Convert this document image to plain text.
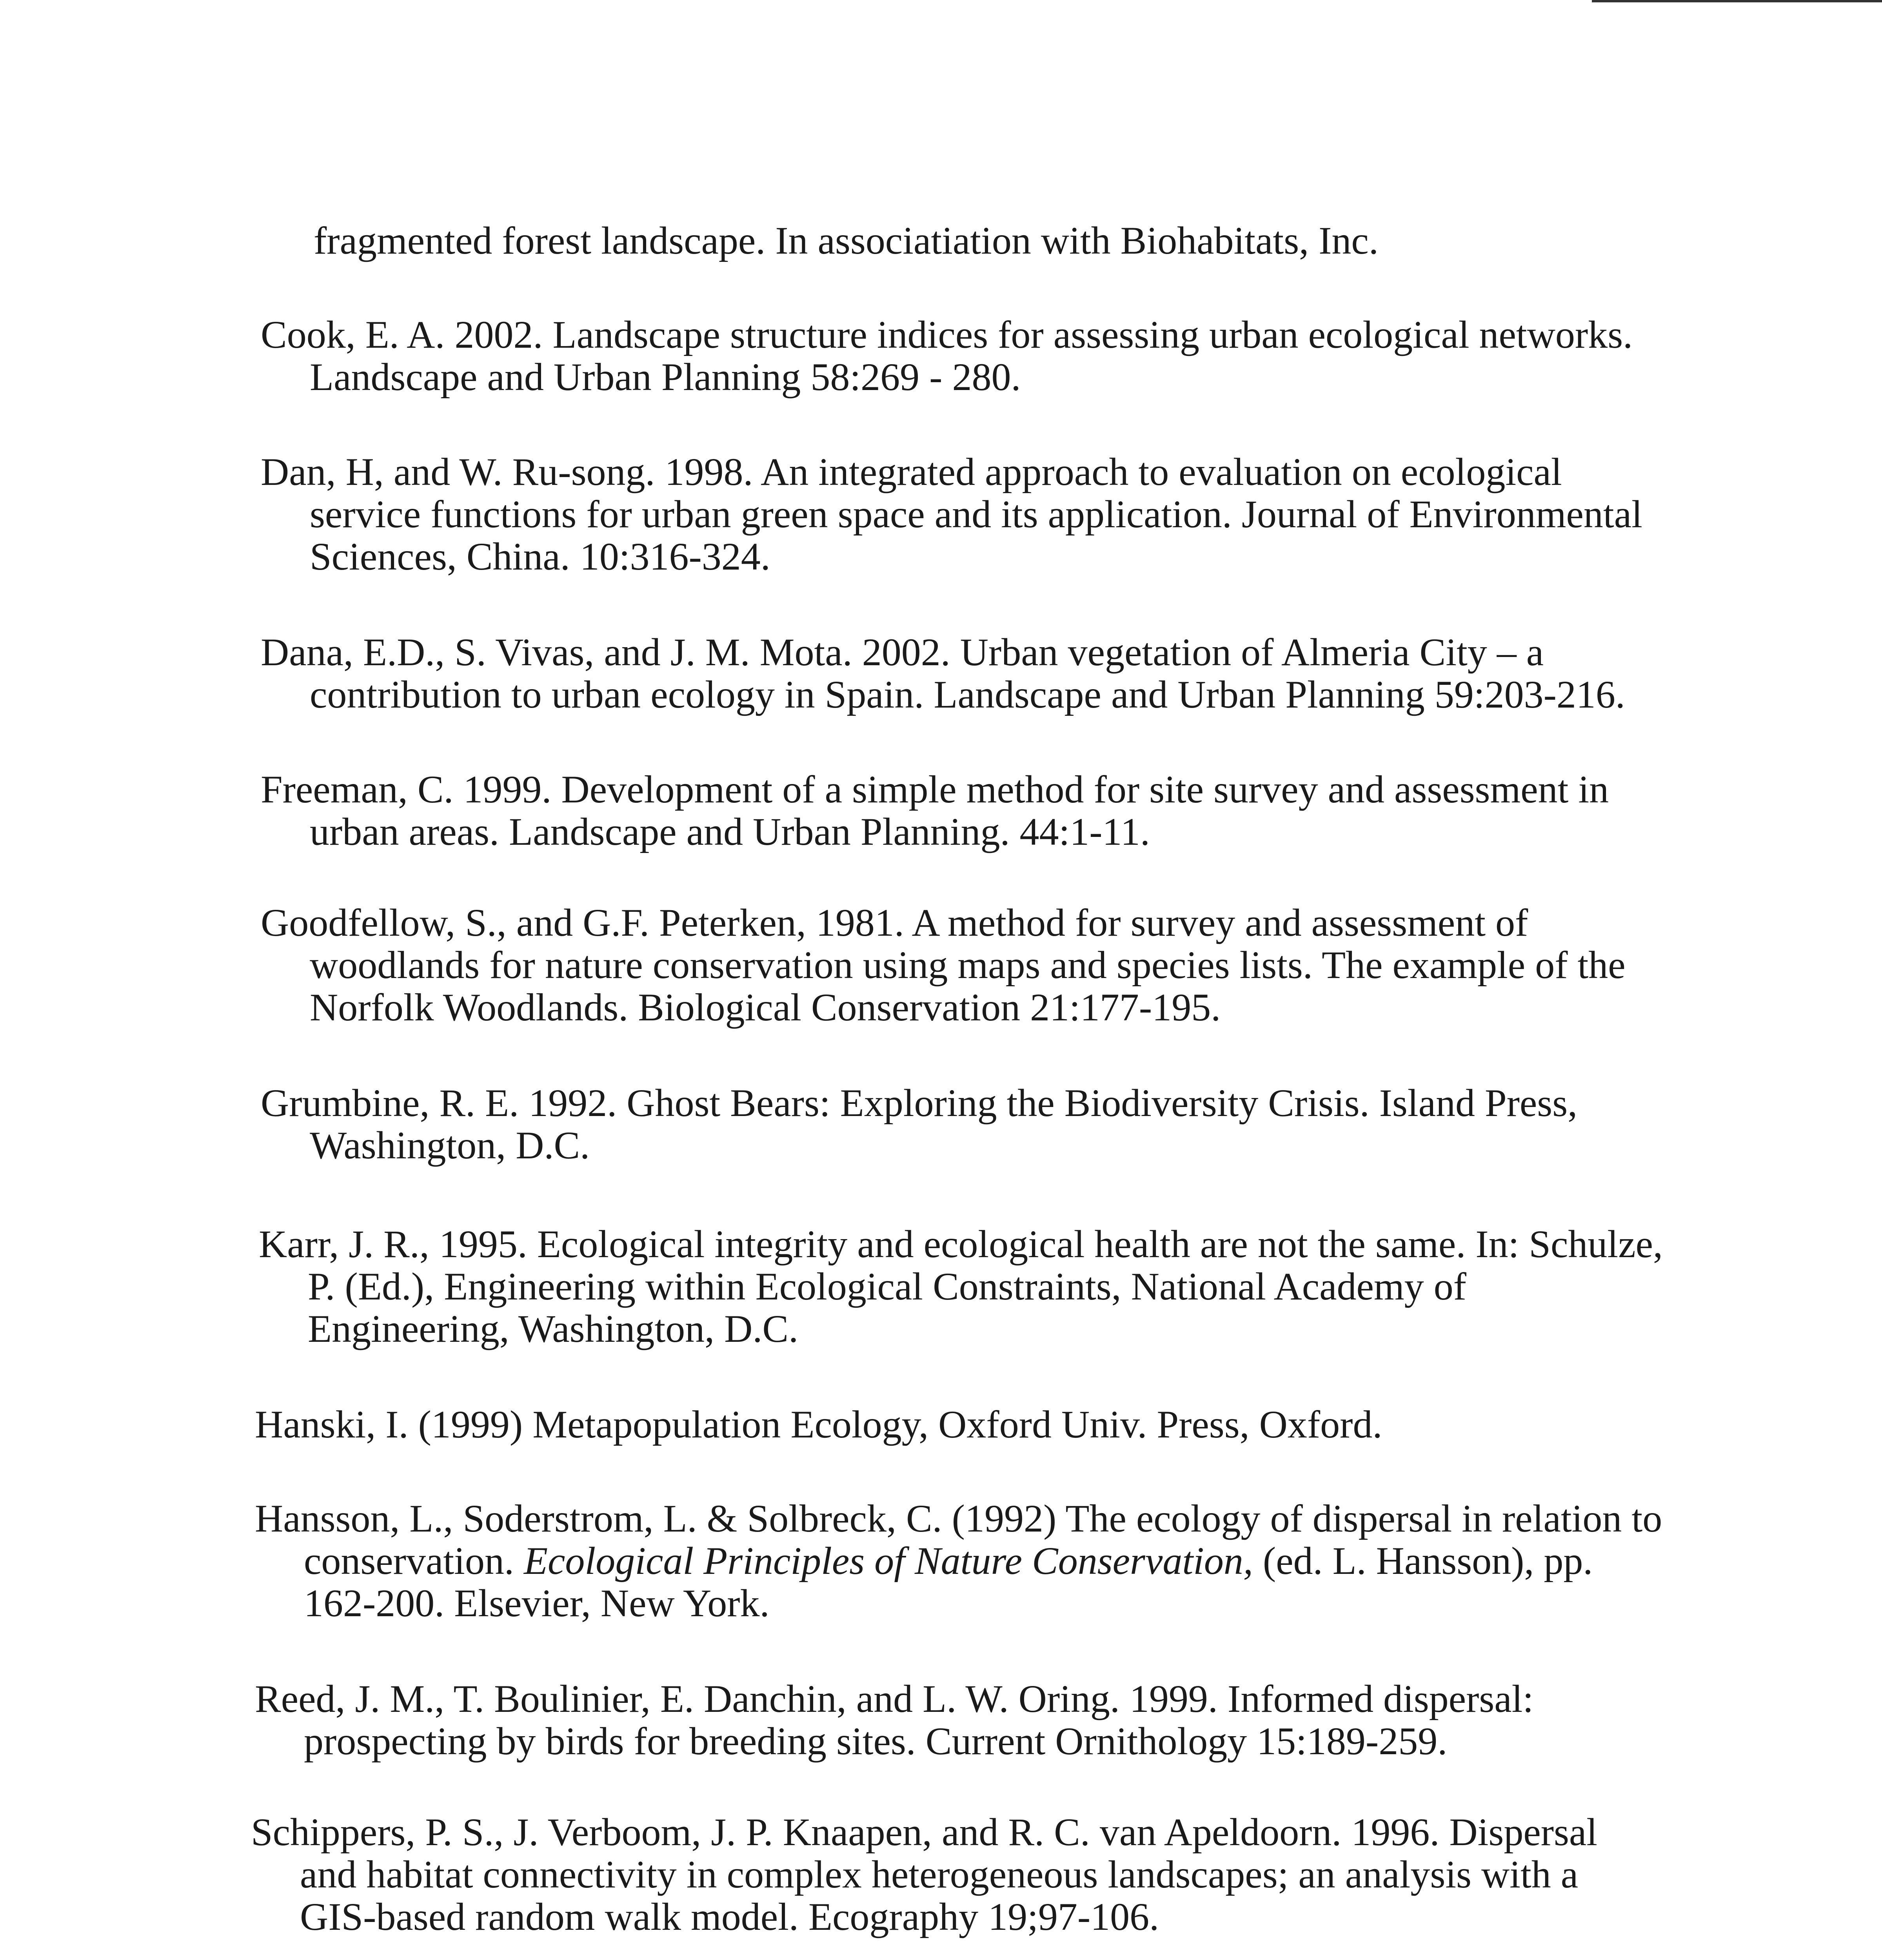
fragmented forest landscape. In associatiation with Biohabitats, Inc.
Cook, E. A. 2002. Landscape structure indices for assessing urban ecological networks.
Landscape and Urban Planning 58:269 - 280.
Dan, H, and W. Ru-song. 1998. An integrated approach to evaluation on ecological
service functions for urban green space and its application. Journal of Environmental
Sciences, China. 10:316-324.
Dana, E.D., S. Vivas, and J. M. Mota. 2002. Urban vegetation of Almeria City – a
contribution to urban ecology in Spain. Landscape and Urban Planning 59:203-216.
Freeman, C. 1999. Development of a simple method for site survey and assessment in
urban areas. Landscape and Urban Planning. 44:1-11.
Goodfellow, S., and G.F. Peterken, 1981. A method for survey and assessment of
woodlands for nature conservation using maps and species lists. The example of the
Norfolk Woodlands. Biological Conservation 21:177-195.
Grumbine, R. E. 1992. Ghost Bears: Exploring the Biodiversity Crisis. Island Press,
Washington, D.C.
Karr, J. R., 1995. Ecological integrity and ecological health are not the same. In: Schulze,
P. (Ed.), Engineering within Ecological Constraints, National Academy of
Engineering, Washington, D.C.
Hanski, I. (1999) Metapopulation Ecology, Oxford Univ. Press, Oxford.
Hansson, L., Soderstrom, L. & Solbreck, C. (1992) The ecology of dispersal in relation to
conservation. Ecological Principles of Nature Conservation, (ed. L. Hansson), pp.
162-200. Elsevier, New York.
Reed, J. M., T. Boulinier, E. Danchin, and L. W. Oring. 1999. Informed dispersal:
prospecting by birds for breeding sites. Current Ornithology 15:189-259.
Schippers, P. S., J. Verboom, J. P. Knaapen, and R. C. van Apeldoorn. 1996. Dispersal
and habitat connectivity in complex heterogeneous landscapes; an analysis with a
GIS-based random walk model. Ecography 19;97-106.
